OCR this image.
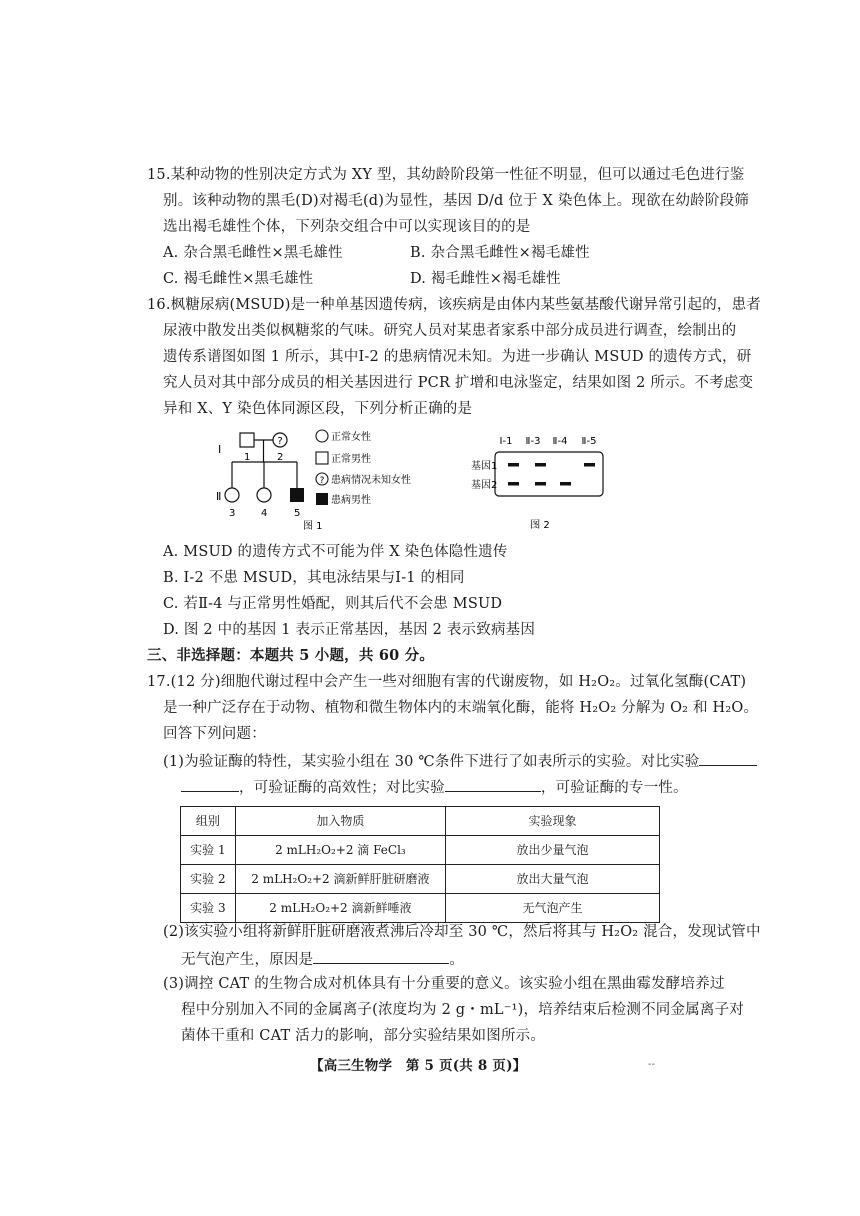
15.某种动物的性别决定方式为 XY 型，其幼龄阶段第一性征不明显，但可以通过毛色进行鉴
别。该种动物的黑毛(D)对褐毛(d)为显性，基因 D/d 位于 X 染色体上。现欲在幼龄阶段筛
选出褐毛雄性个体，下列杂交组合中可以实现该目的的是
A. 杂合黑毛雌性×黑毛雄性	B. 杂合黑毛雌性×褐毛雄性
C. 褐毛雌性×黑毛雄性	D. 褐毛雌性×褐毛雄性
16.枫糖尿病(MSUD)是一种单基因遗传病，该疾病是由体内某些氨基酸代谢异常引起的，患者
尿液中散发出类似枫糖浆的气味。研究人员对某患者家系中部分成员进行调查，绘制出的
遗传系谱图如图 1 所示，其中Ⅰ-2 的患病情况未知。为进一步确认 MSUD 的遗传方式，研
究人员对其中部分成员的相关基因进行 PCR 扩增和电泳鉴定，结果如图 2 所示。不考虑变
异和 X、Y 染色体同源区段，下列分析正确的是
?
Ⅰ
Ⅱ
1	2
3	4	5
正常女性
正常男性
? 患病情况未知女性
患病男性
图 1
Ⅰ-1 Ⅱ-3 Ⅱ-4 Ⅱ-5
基因1
基因2
图 2
A. MSUD 的遗传方式不可能为伴 X 染色体隐性遗传
B. Ⅰ-2 不患 MSUD，其电泳结果与Ⅰ-1 的相同
C. 若Ⅱ-4 与正常男性婚配，则其后代不会患 MSUD
D. 图 2 中的基因 1 表示正常基因，基因 2 表示致病基因
三、非选择题：本题共 5 小题，共 60 分。
17.(12 分)细胞代谢过程中会产生一些对细胞有害的代谢废物，如 H₂O₂。过氧化氢酶(CAT)
是一种广泛存在于动物、植物和微生物体内的末端氧化酶，能将 H₂O₂ 分解为 O₂ 和 H₂O。
回答下列问题：
(1)为验证酶的特性，某实验小组在 30 ℃条件下进行了如表所示的实验。对比实验
，可验证酶的高效性；对比实验	，可验证酶的专一性。
组别	加入物质	实验现象
实验 1	2 mLH₂O₂+2 滴 FeCl₃	放出少量气泡
实验 2	2 mLH₂O₂+2 滴新鲜肝脏研磨液	放出大量气泡
实验 3	2 mLH₂O₂+2 滴新鲜唾液	无气泡产生
(2)该实验小组将新鲜肝脏研磨液煮沸后冷却至 30 ℃，然后将其与 H₂O₂ 混合，发现试管中
无气泡产生，原因是	。
(3)调控 CAT 的生物合成对机体具有十分重要的意义。该实验小组在黑曲霉发酵培养过
程中分别加入不同的金属离子(浓度均为 2 g・mL⁻¹)，培养结束后检测不同金属离子对
菌体干重和 CAT 活力的影响，部分实验结果如图所示。
【高三生物学　第 5 页(共 8 页)】	--
